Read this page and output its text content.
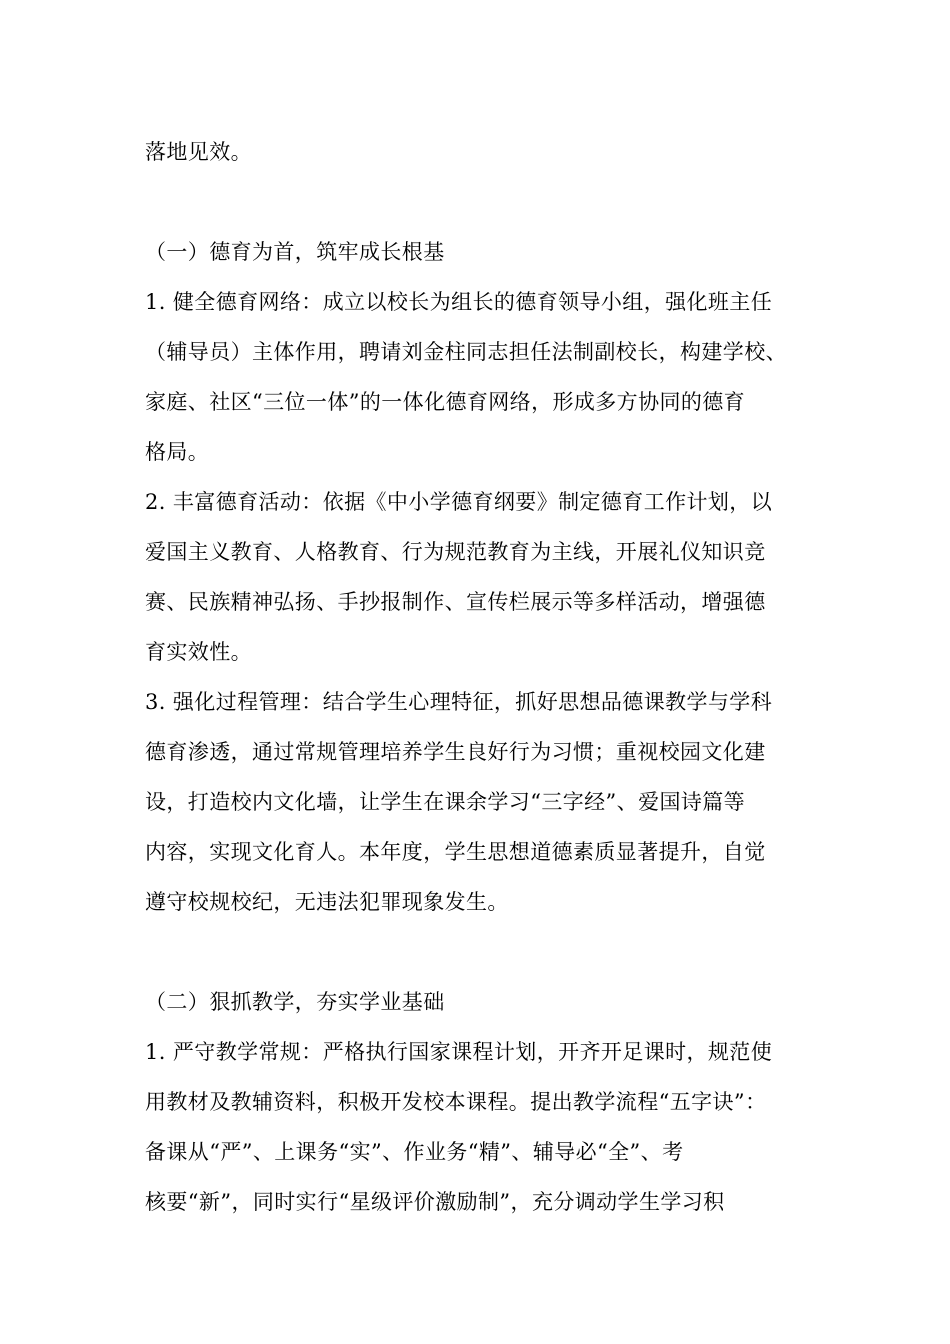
落地见效。
（一）德育为首，筑牢成长根基
1. 健全德育网络：成立以校长为组长的德育领导小组，强化班主任
（辅导员）主体作用，聘请刘金柱同志担任法制副校长，构建学校、
家庭、社区“三位一体”的一体化德育网络，形成多方协同的德育
格局。
2. 丰富德育活动：依据《中小学德育纲要》制定德育工作计划，以
爱国主义教育、人格教育、行为规范教育为主线，开展礼仪知识竞
赛、民族精神弘扬、手抄报制作、宣传栏展示等多样活动，增强德
育实效性。
3. 强化过程管理：结合学生心理特征，抓好思想品德课教学与学科
德育渗透，通过常规管理培养学生良好行为习惯；重视校园文化建
设，打造校内文化墙，让学生在课余学习“三字经”、爱国诗篇等
内容，实现文化育人。本年度，学生思想道德素质显著提升，自觉
遵守校规校纪，无违法犯罪现象发生。
（二）狠抓教学，夯实学业基础
1. 严守教学常规：严格执行国家课程计划，开齐开足课时，规范使
用教材及教辅资料，积极开发校本课程。提出教学流程“五字诀”：
备课从“严”、上课务“实”、作业务“精”、辅导必“全”、考
核要“新”，同时实行“星级评价激励制”，充分调动学生学习积
